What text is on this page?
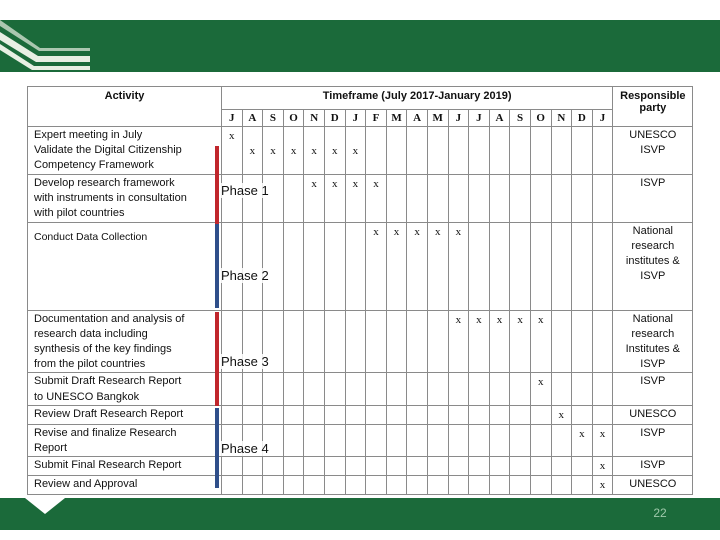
Activity	Timeframe (July 2017-January 2019)																			Responsible
party
	J	A	S	O	N	D	J	F	M	A	M	J	J	A	S	O	N	D	J	
Expert meeting in July
Validate the Digital Citizenship
Competency Framework	x	x	x	x	x	x	x													UNESCO
ISVP
Develop research framework
with instruments in consultation
with pilot countries					x	x	x	x												ISVP

Conduct Data Collection								x	x	x	x	x								National
research
institutes &
ISVP
Documentation and analysis of
research data including
synthesis of the key findings
from the pilot countries												x	x	x	x	x				National
research
Institutes &
ISVP
Submit Draft Research Report
to UNESCO Bangkok																x				ISVP
Review Draft Research Report																	x			UNESCO
Revise and finalize Research
Report																		x	x	ISVP
Submit Final Research Report																			x	ISVP
Review and Approval																			x	UNESCO
Phase 1
Phase 2
Phase 3
Phase 4
22
